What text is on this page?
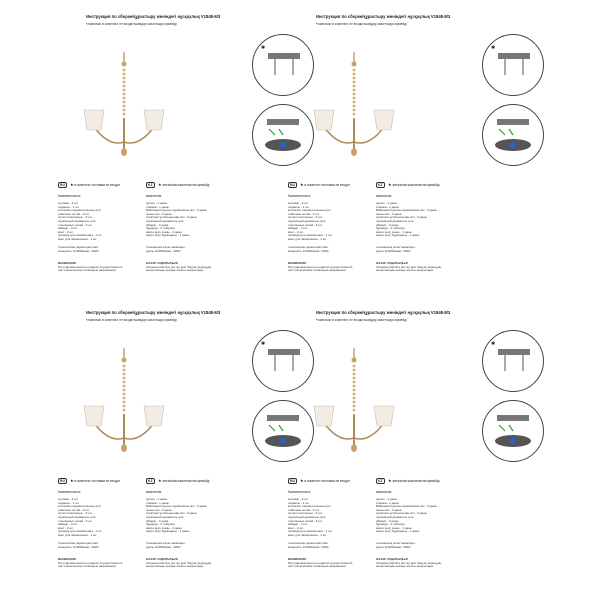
Инструкция по сборке/құрастыру жөніндегі нұсқаулық V1848-8/3
*лампочки в комплект не входят/шамдар жиынтыққа кірмейді
✱
RU	★ в комплект поставки не входит	KZ	★ жеткізілім жиынтығына кірмейді
Комплектность:	жиынтығы:
колпаки - 3 шт.
подвесы - 1 шт.
колпачки соединительные для
отвесные нитей - 6 шт.
нитки стеклянные - 6 шт.
пружинный держатель для
стеклянных нитей - 6 шт.
абажур - 3 шт.
винт - 2 шт.
провода для заземления - 1 шт.
винт для заземления - 1 шт.
цепыл - 1 дана.
плашка - 1 дана.
Байланыстырушы сервлешине жіп - 6 дана.
шыны жіп - 6 дана.
серіппені ұстапынышам жіп - 6 дана.
пружинный держатель для
абажур - 3 дана.
бұранда - 2 түйірлер.
жерге қосу сымы - 1 дана.
жерге қосу бұрандасы - 1 дана.
технические характеристики:
мощность 3x40W(макс. 40W)
техникалық сипаттамалары:
қуаты 3x40W(макс. 40W)
ВНИМАНИЕ!
Регулировка высоты подвеса осуществляется
при отключенном питающем напряжении.
НАЗАР АУДАРЫҢЫЗ!
Аспаның биіктігін реттеу қуат берушi кернеудің
өшірілгенінде кезінде жүзеге асырылады.
Инструкция по сборке/құрастыру жөніндегі нұсқаулық V1848-8/3
*лампочки в комплект не входят/шамдар жиынтыққа кірмейді
✱
RU	★ в комплект поставки не входит	KZ	★ жеткізілім жиынтығына кірмейді
Комплектность:	жиынтығы:
колпаки - 3 шт.
подвесы - 1 шт.
колпачки соединительные для
отвесные нитей - 6 шт.
нитки стеклянные - 6 шт.
пружинный держатель для
стеклянных нитей - 6 шт.
абажур - 3 шт.
винт - 2 шт.
провода для заземления - 1 шт.
винт для заземления - 1 шт.
цепыл - 1 дана.
плашка - 1 дана.
Байланыстырушы сервлешине жіп - 6 дана.
шыны жіп - 6 дана.
серіппені ұстапынышам жіп - 6 дана.
пружинный держатель для
абажур - 3 дана.
бұранда - 2 түйірлер.
жерге қосу сымы - 1 дана.
жерге қосу бұрандасы - 1 дана.
технические характеристики:
мощность 3x40W(макс. 40W)
техникалық сипаттамалары:
қуаты 3x40W(макс. 40W)
ВНИМАНИЕ!
Регулировка высоты подвеса осуществляется
при отключенном питающем напряжении.
НАЗАР АУДАРЫҢЫЗ!
Аспаның биіктігін реттеу қуат берушi кернеудің
өшірілгенінде кезінде жүзеге асырылады.
Инструкция по сборке/құрастыру жөніндегі нұсқаулық V1848-8/3
*лампочки в комплект не входят/шамдар жиынтыққа кірмейді
✱
RU	★ в комплект поставки не входит	KZ	★ жеткізілім жиынтығына кірмейді
Комплектность:	жиынтығы:
колпаки - 3 шт.
подвесы - 1 шт.
колпачки соединительные для
отвесные нитей - 6 шт.
нитки стеклянные - 6 шт.
пружинный держатель для
стеклянных нитей - 6 шт.
абажур - 3 шт.
винт - 2 шт.
провода для заземления - 1 шт.
винт для заземления - 1 шт.
цепыл - 1 дана.
плашка - 1 дана.
Байланыстырушы сервлешине жіп - 6 дана.
шыны жіп - 6 дана.
серіппені ұстапынышам жіп - 6 дана.
пружинный держатель для
абажур - 3 дана.
бұранда - 2 түйірлер.
жерге қосу сымы - 1 дана.
жерге қосу бұрандасы - 1 дана.
технические характеристики:
мощность 3x40W(макс. 40W)
техникалық сипаттамалары:
қуаты 3x40W(макс. 40W)
ВНИМАНИЕ!
Регулировка высоты подвеса осуществляется
при отключенном питающем напряжении.
НАЗАР АУДАРЫҢЫЗ!
Аспаның биіктігін реттеу қуат берушi кернеудің
өшірілгенінде кезінде жүзеге асырылады.
Инструкция по сборке/құрастыру жөніндегі нұсқаулық V1848-8/3
*лампочки в комплект не входят/шамдар жиынтыққа кірмейді
✱
RU	★ в комплект поставки не входит	KZ	★ жеткізілім жиынтығына кірмейді
Комплектность:	жиынтығы:
колпаки - 3 шт.
подвесы - 1 шт.
колпачки соединительные для
отвесные нитей - 6 шт.
нитки стеклянные - 6 шт.
пружинный держатель для
стеклянных нитей - 6 шт.
абажур - 3 шт.
винт - 2 шт.
провода для заземления - 1 шт.
винт для заземления - 1 шт.
цепыл - 1 дана.
плашка - 1 дана.
Байланыстырушы сервлешине жіп - 6 дана.
шыны жіп - 6 дана.
серіппені ұстапынышам жіп - 6 дана.
пружинный держатель для
абажур - 3 дана.
бұранда - 2 түйірлер.
жерге қосу сымы - 1 дана.
жерге қосу бұрандасы - 1 дана.
технические характеристики:
мощность 3x40W(макс. 40W)
техникалық сипаттамалары:
қуаты 3x40W(макс. 40W)
ВНИМАНИЕ!
Регулировка высоты подвеса осуществляется
при отключенном питающем напряжении.
НАЗАР АУДАРЫҢЫЗ!
Аспаның биіктігін реттеу қуат берушi кернеудің
өшірілгенінде кезінде жүзеге асырылады.
